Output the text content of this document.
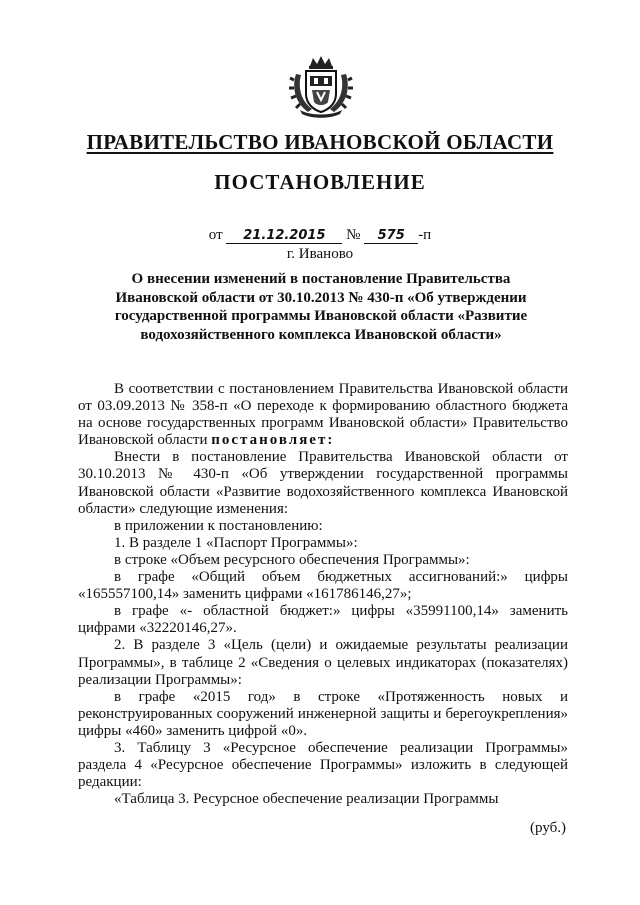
ПРАВИТЕЛЬСТВО ИВАНОВСКОЙ ОБЛАСТИ
ПОСТАНОВЛЕНИЕ
от 21.12.2015 № 575 -п
г. Иваново
О внесении изменений в постановление Правительства
Ивановской области от 30.10.2013 № 430-п «Об утверждении
государственной программы Ивановской области «Развитие
водохозяйственного комплекса Ивановской области»

В соответствии с постановлением Правительства Ивановской области от 03.09.2013 № 358-п «О переходе к формированию областного бюджета на основе государственных программ Ивановской области» Правительство Ивановской области постановляет:

Внести в постановление Правительства Ивановской области от 30.10.2013 № 430-п «Об утверждении государственной программы Ивановской области «Развитие водохозяйственного комплекса Ивановской области» следующие изменения:

в приложении к постановлению:

1. В разделе 1 «Паспорт Программы»:

в строке «Объем ресурсного обеспечения Программы»:

в графе «Общий объем бюджетных ассигнований:» цифры «165557100,14» заменить цифрами «161786146,27»;

в графе «- областной бюджет:» цифры «35991100,14» заменить цифрами «32220146,27».

2. В разделе 3 «Цель (цели) и ожидаемые результаты реализации Программы», в таблице 2 «Сведения о целевых индикаторах (показателях) реализации Программы»:

в графе «2015 год» в строке «Протяженность новых и реконструированных сооружений инженерной защиты и берегоукрепления» цифры «460» заменить цифрой «0».

3. Таблицу 3 «Ресурсное обеспечение реализации Программы» раздела 4 «Ресурсное обеспечение Программы» изложить в следующей редакции:

«Таблица 3. Ресурсное обеспечение реализации Программы

(руб.)
